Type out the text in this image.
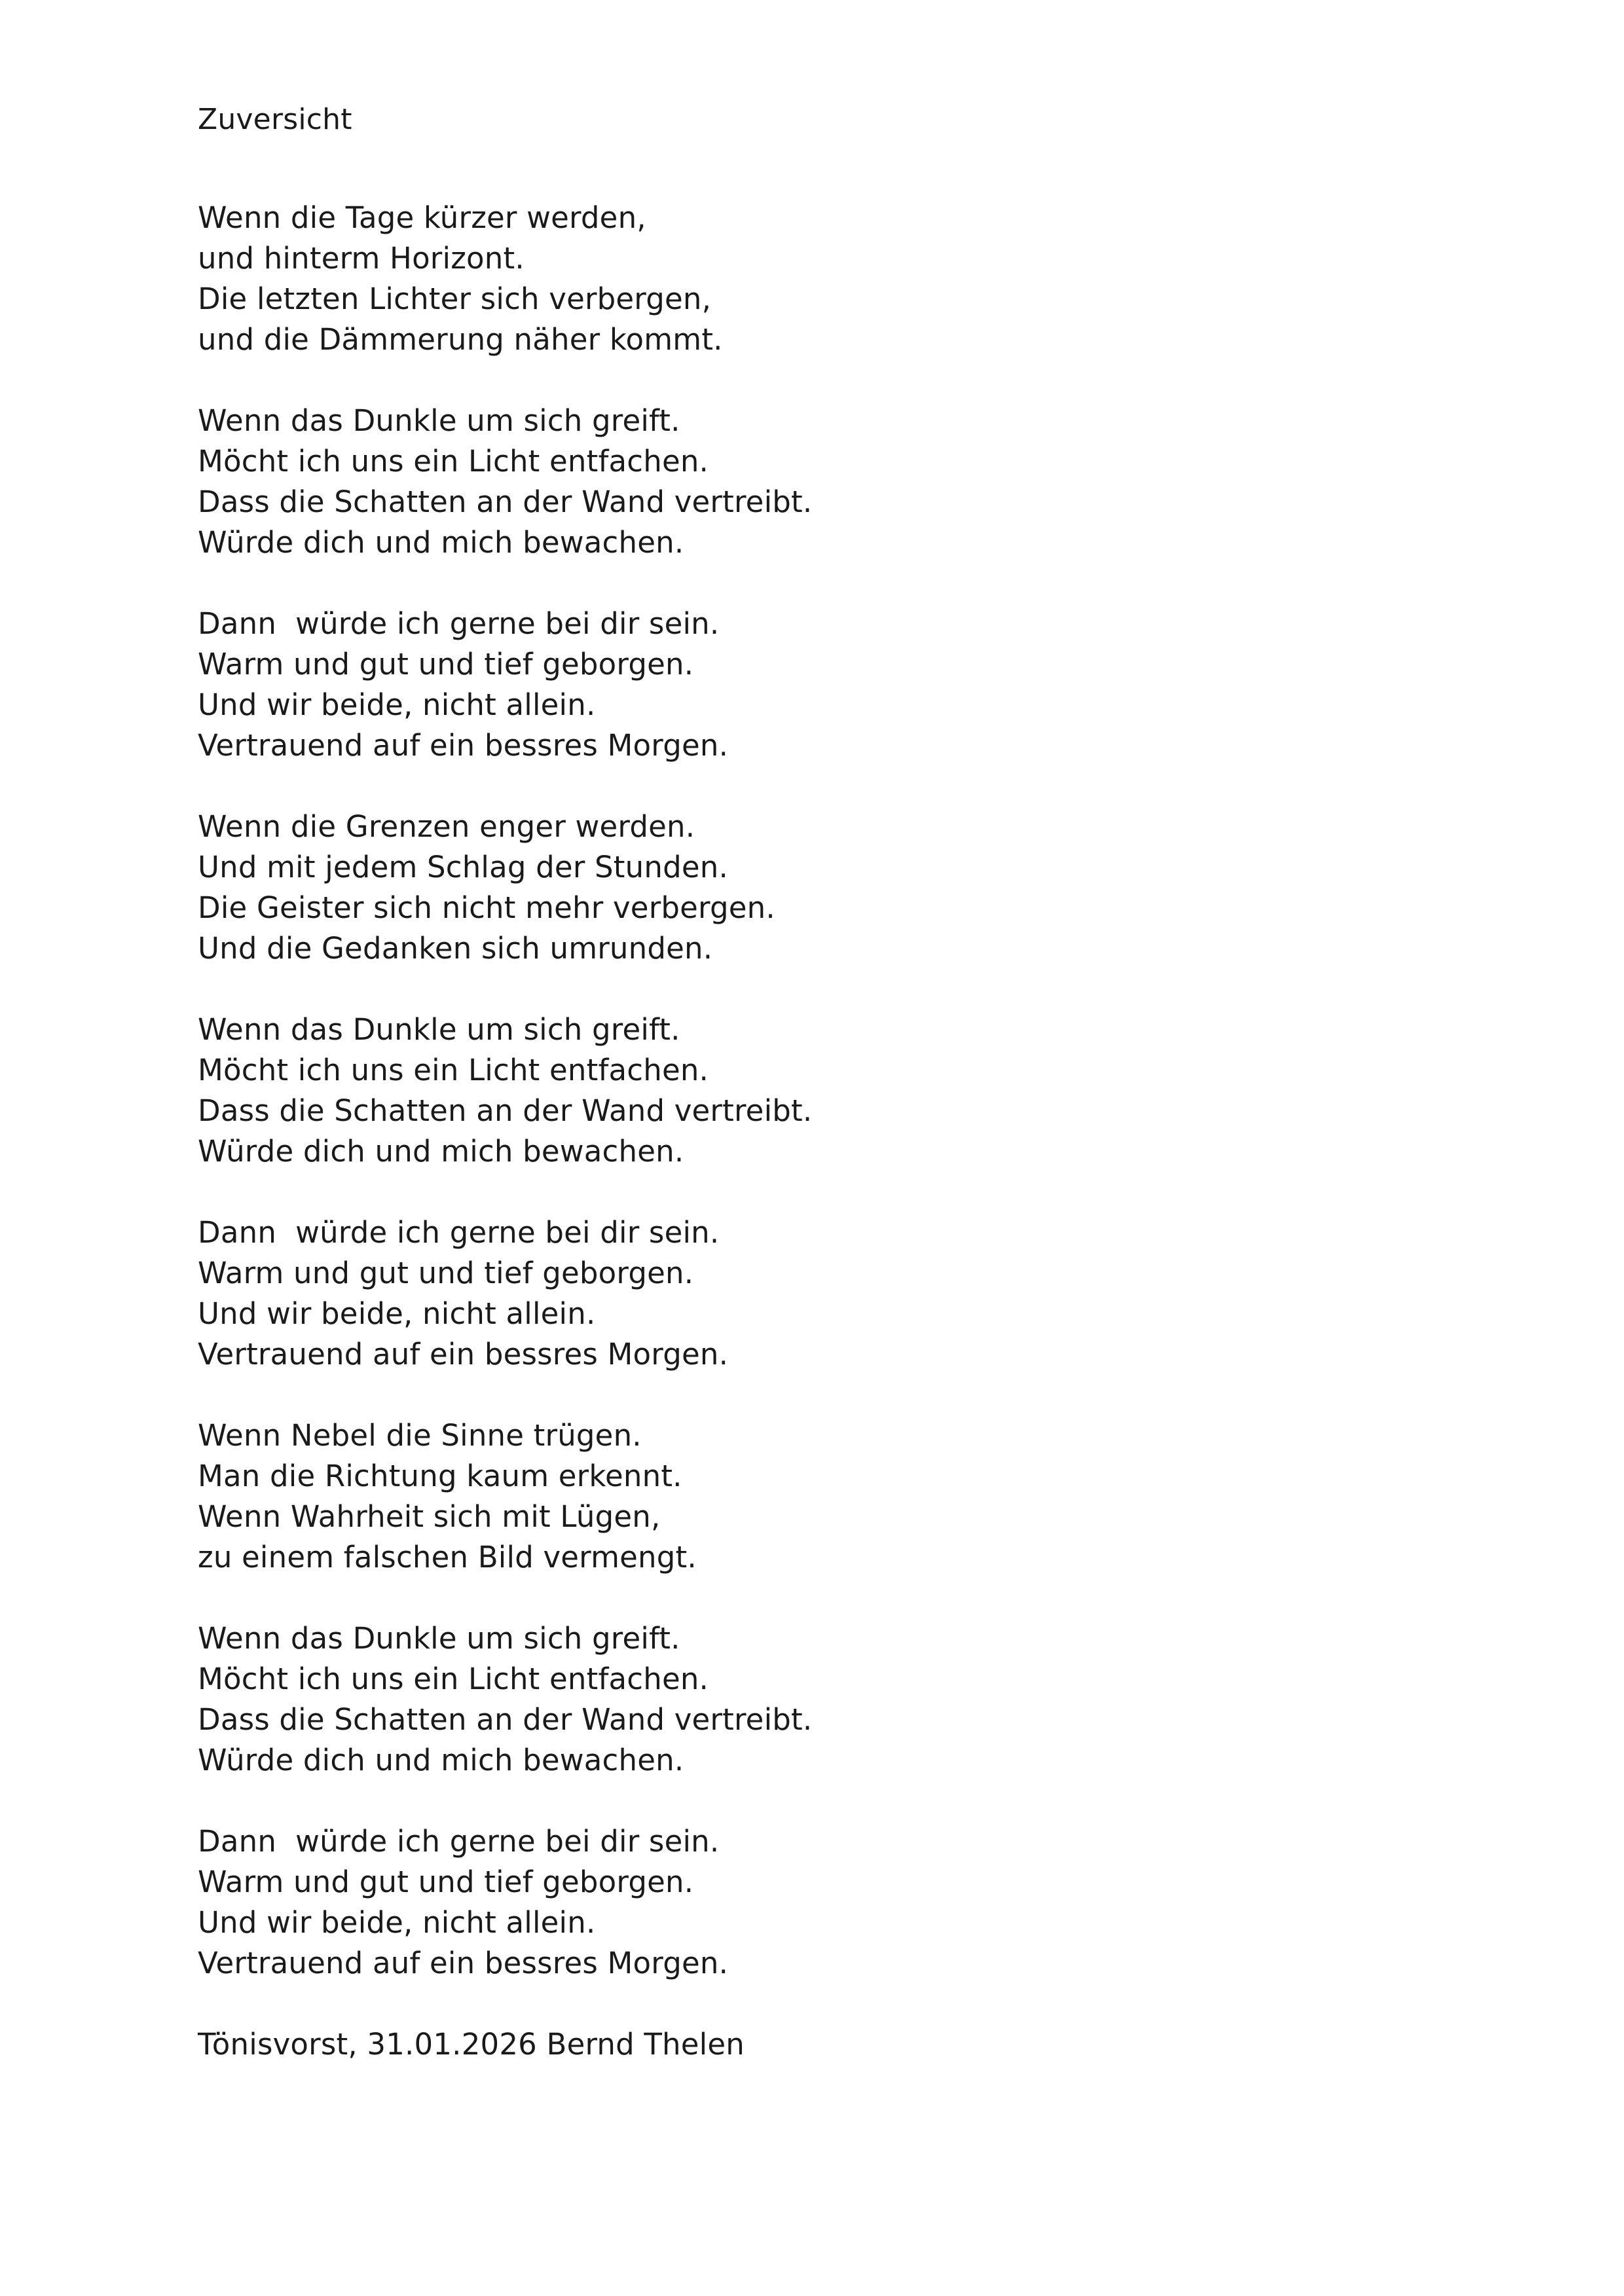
Zuversicht
Wenn die Tage kürzer werden,
und hinterm Horizont.
Die letzten Lichter sich verbergen,
und die Dämmerung näher kommt.
Wenn das Dunkle um sich greift.
Möcht ich uns ein Licht entfachen.
Dass die Schatten an der Wand vertreibt.
Würde dich und mich bewachen.
Dann  würde ich gerne bei dir sein.
Warm und gut und tief geborgen.
Und wir beide, nicht allein.
Vertrauend auf ein bessres Morgen.
Wenn die Grenzen enger werden.
Und mit jedem Schlag der Stunden.
Die Geister sich nicht mehr verbergen.
Und die Gedanken sich umrunden.
Wenn das Dunkle um sich greift.
Möcht ich uns ein Licht entfachen.
Dass die Schatten an der Wand vertreibt.
Würde dich und mich bewachen.
Dann  würde ich gerne bei dir sein.
Warm und gut und tief geborgen.
Und wir beide, nicht allein.
Vertrauend auf ein bessres Morgen.
Wenn Nebel die Sinne trügen.
Man die Richtung kaum erkennt.
Wenn Wahrheit sich mit Lügen,
zu einem falschen Bild vermengt.
Wenn das Dunkle um sich greift.
Möcht ich uns ein Licht entfachen.
Dass die Schatten an der Wand vertreibt.
Würde dich und mich bewachen.
Dann  würde ich gerne bei dir sein.
Warm und gut und tief geborgen.
Und wir beide, nicht allein.
Vertrauend auf ein bessres Morgen.
Tönisvorst, 31.01.2026 Bernd Thelen
